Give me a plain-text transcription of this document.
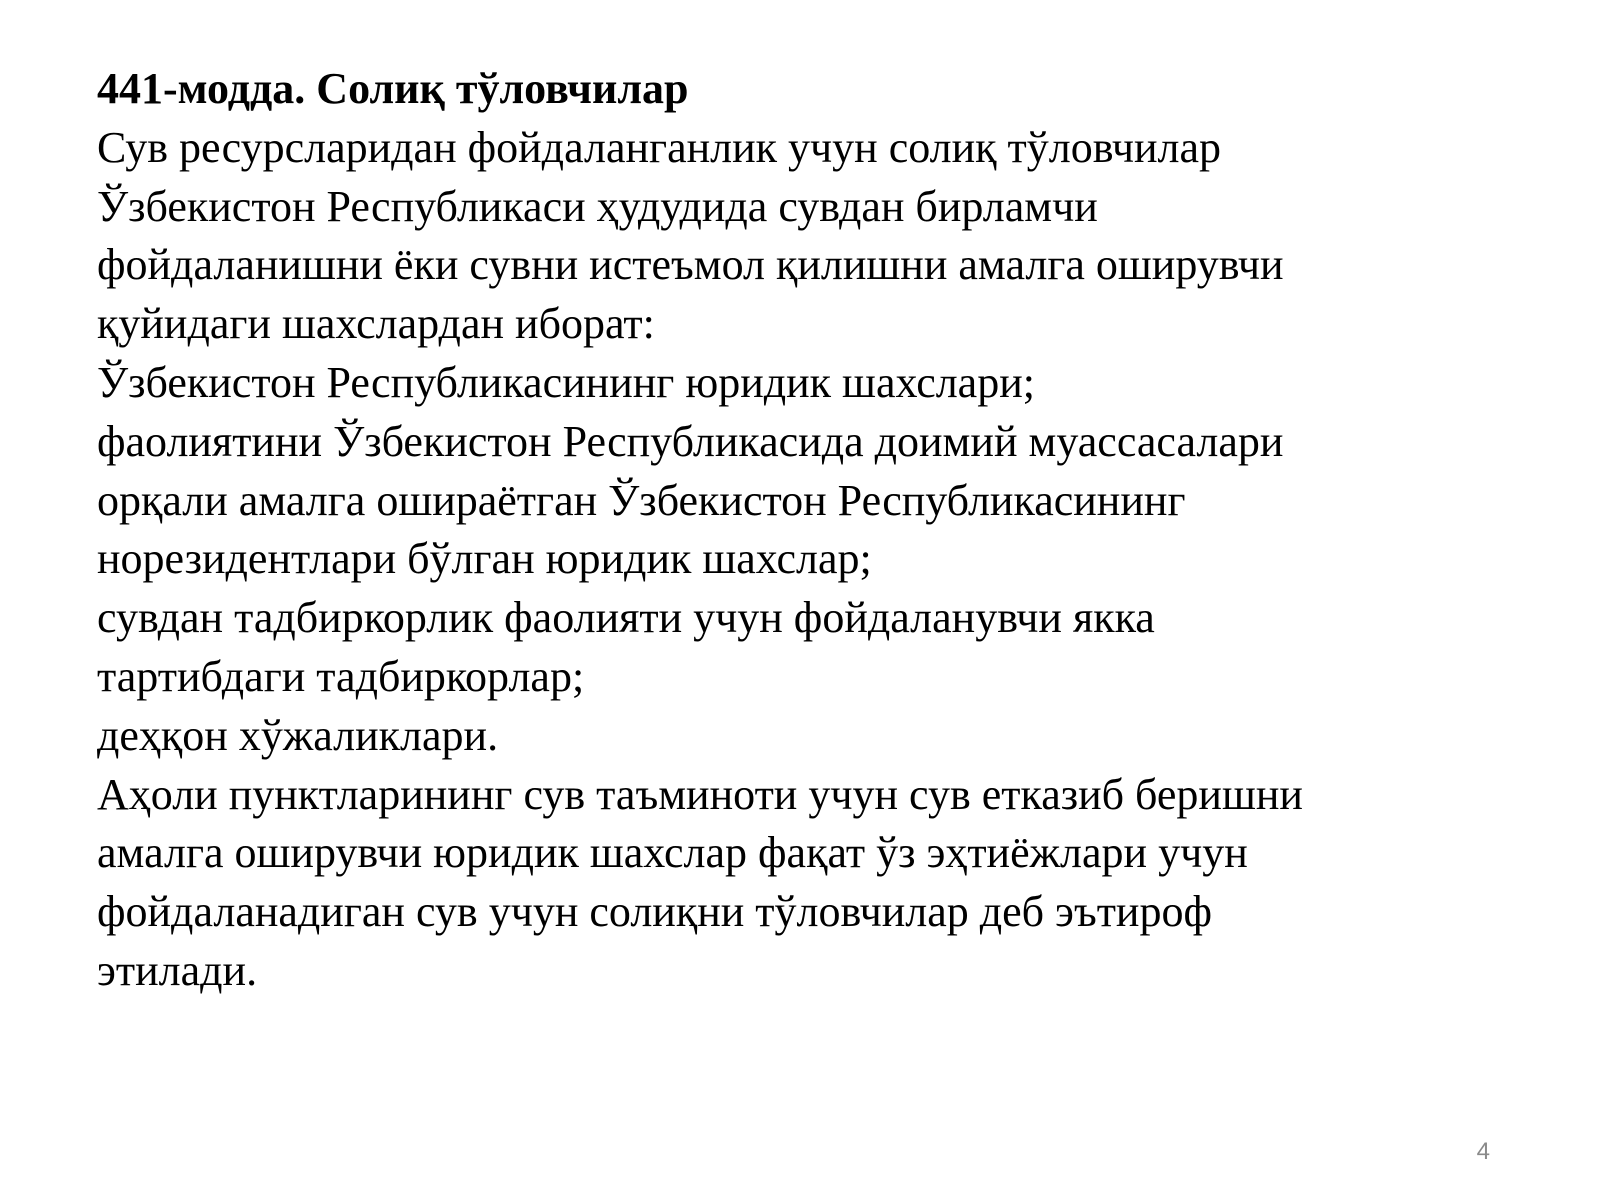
441-модда. Солиқ тўловчилар
Сув ресурсларидан фойдаланганлик учун солиқ тўловчилар
Ўзбекистон Республикаси ҳудудида сувдан бирламчи
фойдаланишни ёки сувни истеъмол қилишни амалга оширувчи
қуйидаги шахслардан иборат:
Ўзбекистон Республикасининг юридик шахслари;
фаолиятини Ўзбекистон Республикасида доимий муассасалари
орқали амалга ошираётган Ўзбекистон Республикасининг
норезидентлари бўлган юридик шахслар;
сувдан тадбиркорлик фаолияти учун фойдаланувчи якка
тартибдаги тадбиркорлар;
деҳқон хўжаликлари.
Аҳоли пунктларининг сув таъминоти учун сув етказиб беришни
амалга оширувчи юридик шахслар фақат ўз эҳтиёжлари учун
фойдаланадиган сув учун солиқни тўловчилар деб эътироф
этилади.
4
